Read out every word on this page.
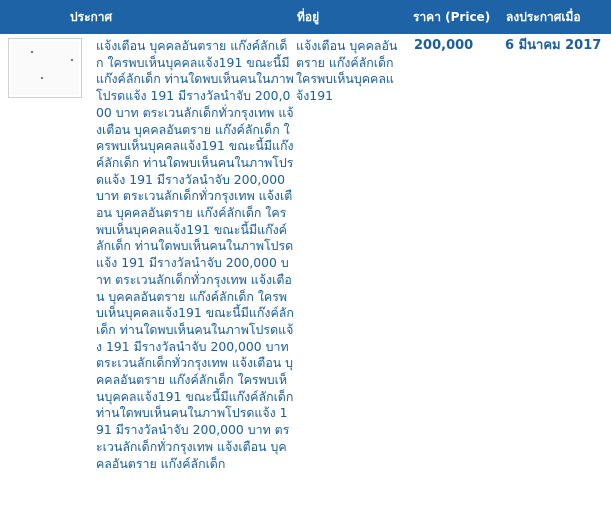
ประกาศ	ที่อยู่	ราคา (Price) ลงประกาศเมื่อ
แจ้งเตือน บุคคลอันตราย แก๊งค์ลักเด็ก ใครพบเห็นบุคคลแจ้ง191 ขณะนี้มีแก๊งค์ลักเด็ก ท่านใดพบเห็นคนในภาพโปรดแจ้ง 191 มีรางวัลนำจับ 200,000 บาท ตระเวนลักเด็กทั่วกรุงเทพ แจ้งเตือน บุคคลอันตราย แก๊งค์ลักเด็ก ใครพบเห็นบุคคลแจ้ง191 ขณะนี้มีแก๊งค์ลักเด็ก ท่านใดพบเห็นคนในภาพโปรดแจ้ง 191 มีรางวัลนำจับ 200,000 บาท ตระเวนลักเด็กทั่วกรุงเทพ แจ้งเตือน บุคคลอันตราย แก๊งค์ลักเด็ก ใครพบเห็นบุคคลแจ้ง191 ขณะนี้มีแก๊งค์ลักเด็ก ท่านใดพบเห็นคนในภาพโปรดแจ้ง 191 มีรางวัลนำจับ 200,000 บาท ตระเวนลักเด็กทั่วกรุงเทพ แจ้งเตือน บุคคลอันตราย แก๊งค์ลักเด็ก ใครพบเห็นบุคคลแจ้ง191 ขณะนี้มีแก๊งค์ลักเด็ก ท่านใดพบเห็นคนในภาพโปรดแจ้ง 191 มีรางวัลนำจับ 200,000 บาท ตระเวนลักเด็กทั่วกรุงเทพ แจ้งเตือน บุคคลอันตราย แก๊งค์ลักเด็ก ใครพบเห็นบุคคลแจ้ง191 ขณะนี้มีแก๊งค์ลักเด็ก ท่านใดพบเห็นคนในภาพโปรดแจ้ง 191 มีรางวัลนำจับ 200,000 บาท ตระเวนลักเด็กทั่วกรุงเทพ แจ้งเตือน บุคคลอันตราย แก๊งค์ลักเด็ก
แจ้งเตือน บุคคลอันตราย แก๊งค์ลักเด็ก ใครพบเห็นบุคคลแจ้ง191
200,000 6 มีนาคม 2017
